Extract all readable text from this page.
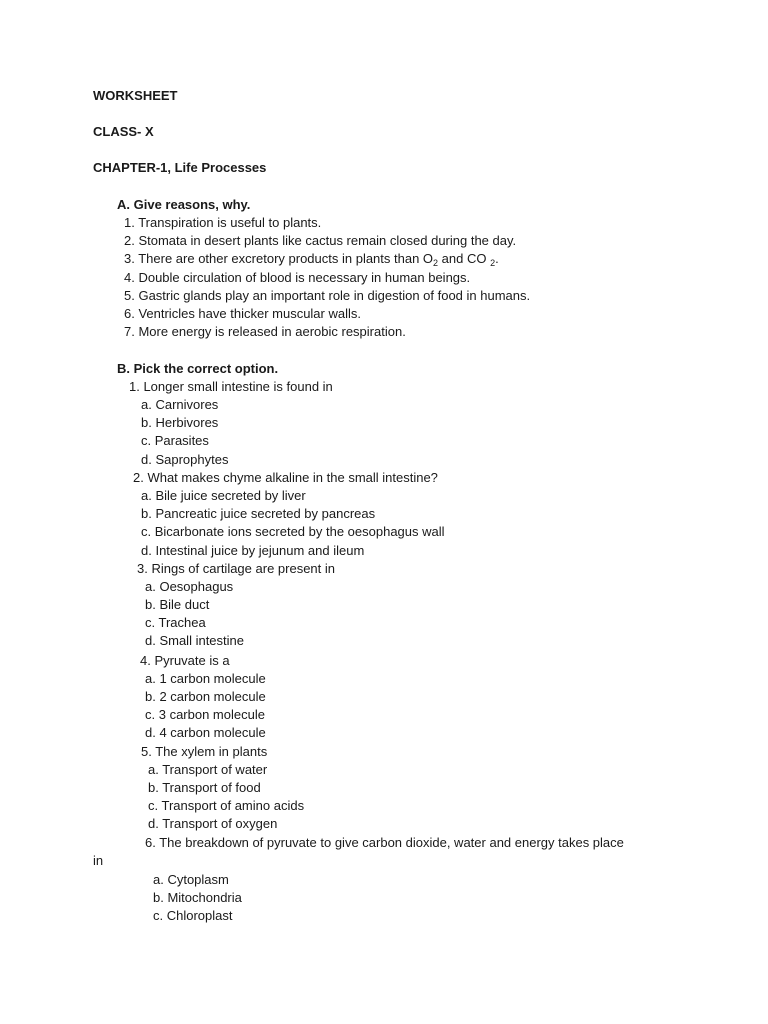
WORKSHEET
CLASS- X
CHAPTER-1, Life Processes
A. Give reasons, why.
1. Transpiration is useful to plants.
2. Stomata in desert plants like cactus remain closed during the day.
3. There are other excretory products in plants than $O_2$ and CO $_2$.
4. Double circulation of blood is necessary in human beings.
5. Gastric glands play an important role in digestion of food in humans.
6. Ventricles have thicker muscular walls.
7. More energy is released in aerobic respiration.
B. Pick the correct option.
1. Longer small intestine is found in
a. Carnivores
b. Herbivores
c. Parasites
d. Saprophytes
2. What makes chyme alkaline in the small intestine?
a. Bile juice secreted by liver
b. Pancreatic juice secreted by pancreas
c. Bicarbonate ions secreted by the oesophagus wall
d. Intestinal juice by jejunum and ileum
3. Rings of cartilage are present in
a. Oesophagus
b. Bile duct
c. Trachea
d. Small intestine
4. Pyruvate is a
a. 1 carbon molecule
b. 2 carbon molecule
c. 3 carbon molecule
d. 4 carbon molecule
5. The xylem in plants
a. Transport of water
b. Transport of food
c. Transport of amino acids
d. Transport of oxygen
6. The breakdown of pyruvate to give carbon dioxide, water and energy takes place
in
a. Cytoplasm
b. Mitochondria
c. Chloroplast
